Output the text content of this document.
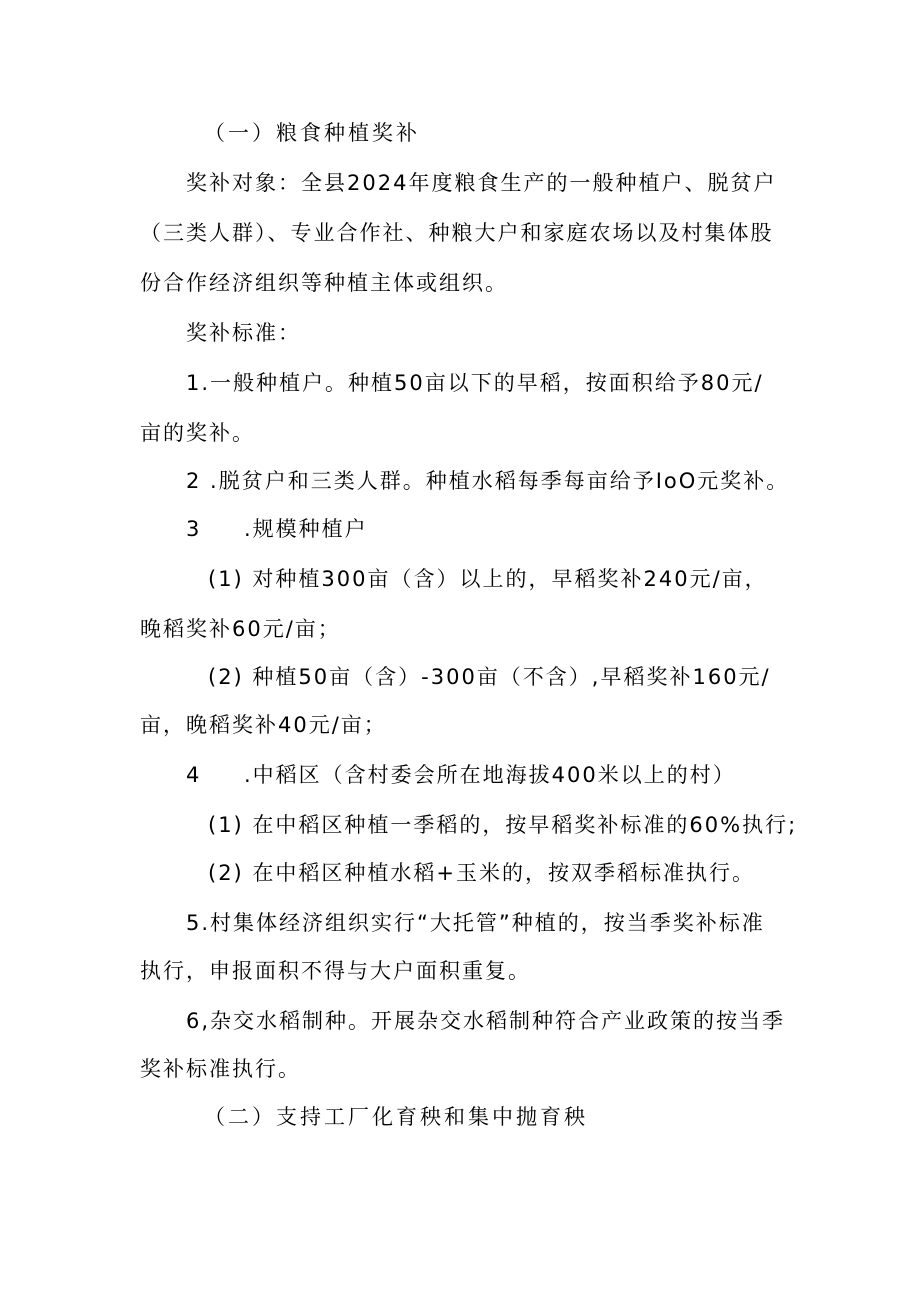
（一）粮食种植奖补
奖补对象：全县2024年度粮食生产的一般种植户、脱贫户
（三类人群）、专业合作社、种粮大户和家庭农场以及村集体股
份合作经济组织等种植主体或组织。
奖补标准：
1.一般种植户。种植50亩以下的早稻，按面积给予80元/
亩的奖补。
2 .脱贫户和三类人群。种植水稻每季每亩给予IoO元奖补。
3 .规模种植户
(1) 对种植300亩（含）以上的，早稻奖补240元/亩，
晚稻奖补60元/亩；
(2) 种植50亩（含）-300亩（不含）,早稻奖补160元/
亩，晚稻奖补40元/亩；
4 .中稻区（含村委会所在地海拔400米以上的村）
(1) 在中稻区种植一季稻的，按早稻奖补标准的60%执行;
(2) 在中稻区种植水稻+玉米的，按双季稻标准执行。
5.村集体经济组织实行“大托管”种植的，按当季奖补标准
执行，申报面积不得与大户面积重复。
6,杂交水稻制种。开展杂交水稻制种符合产业政策的按当季
奖补标准执行。
（二）支持工厂化育秧和集中抛育秧
